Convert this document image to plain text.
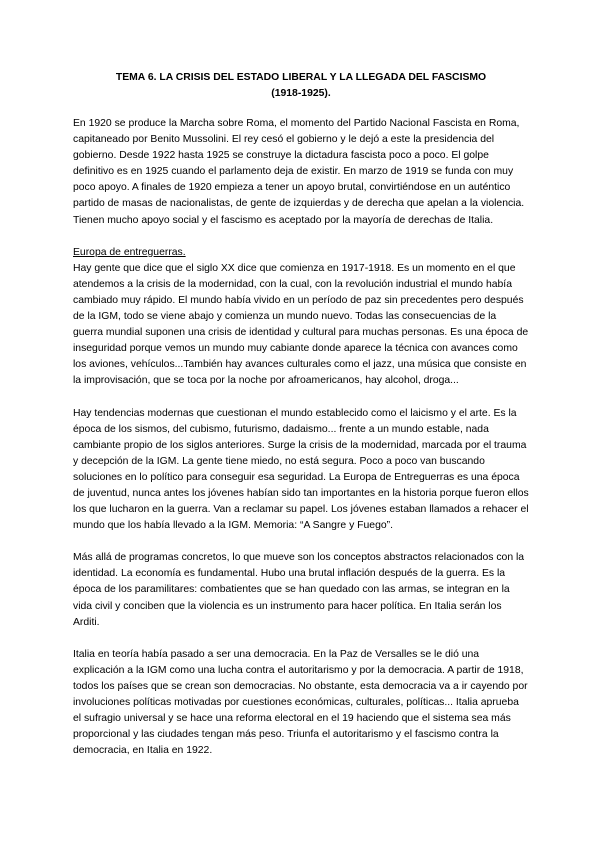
TEMA 6. LA CRISIS DEL ESTADO LIBERAL Y LA LLEGADA DEL FASCISMO
(1918-1925).

En 1920 se produce la Marcha sobre Roma, el momento del Partido Nacional Fascista en Roma, capitaneado por Benito Mussolini. El rey cesó el gobierno y le dejó a este la presidencia del gobierno. Desde 1922 hasta 1925 se construye la dictadura fascista poco a poco. El golpe definitivo es en 1925 cuando el parlamento deja de existir. En marzo de 1919 se funda con muy poco apoyo. A finales de 1920 empieza a tener un apoyo brutal, convirtiéndose en un auténtico partido de masas de nacionalistas, de gente de izquierdas y de derecha que apelan a la violencia. Tienen mucho apoyo social y el fascismo es aceptado por la mayoría de derechas de Italia.

Europa de entreguerras.

Hay gente que dice que el siglo XX dice que comienza en 1917-1918. Es un momento en el que atendemos a la crisis de la modernidad, con la cual, con la revolución industrial el mundo había cambiado muy rápido. El mundo había vivido en un período de paz sin precedentes pero después de la IGM, todo se viene abajo y comienza un mundo nuevo. Todas las consecuencias de la guerra mundial suponen una crisis de identidad y cultural para muchas personas. Es una época de inseguridad porque vemos un mundo muy cabiante donde aparece la técnica con avances como los aviones, vehículos...También hay avances culturales como el jazz, una música que consiste en la improvisación, que se toca por la noche por afroamericanos, hay alcohol, droga...

Hay tendencias modernas que cuestionan el mundo establecido como el laicismo y el arte. Es la época de los sismos, del cubismo, futurismo, dadaismo... frente a un mundo estable, nada cambiante propio de los siglos anteriores. Surge la crisis de la modernidad, marcada por el trauma y decepción de la IGM. La gente tiene miedo, no está segura. Poco a poco van buscando soluciones en lo político para conseguir esa seguridad. La Europa de Entreguerras es una época de juventud, nunca antes los jóvenes habían sido tan importantes en la historia porque fueron ellos los que lucharon en la guerra. Van a reclamar su papel. Los jóvenes estaban llamados a rehacer el mundo que los había llevado a la IGM. Memoria: “A Sangre y Fuego”.

Más allá de programas concretos, lo que mueve son los conceptos abstractos relacionados con la identidad. La economía es fundamental. Hubo una brutal inflación después de la guerra. Es la época de los paramilitares: combatientes que se han quedado con las armas, se integran en la vida civil y conciben que la violencia es un instrumento para hacer política. En Italia serán los Arditi.

Italia en teoría había pasado a ser una democracia. En la Paz de Versalles se le dió una explicación a la IGM como una lucha contra el autoritarismo y por la democracia. A partir de 1918, todos los países que se crean son democracias. No obstante, esta democracia va a ir cayendo por involuciones políticas motivadas por cuestiones económicas, culturales, políticas... Italia aprueba el sufragio universal y se hace una reforma electoral en el 19 haciendo que el sistema sea más proporcional y las ciudades tengan más peso. Triunfa el autoritarismo y el fascismo contra la democracia, en Italia en 1922.
